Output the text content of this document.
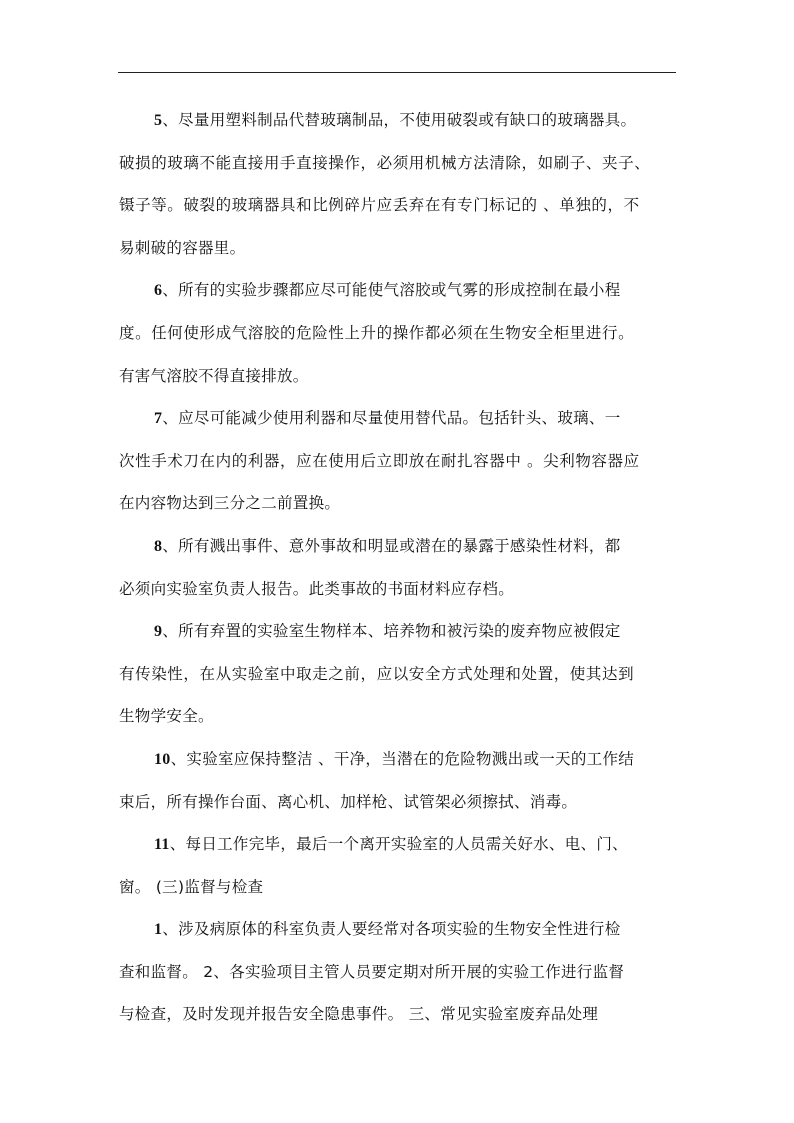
5、尽量用塑料制品代替玻璃制品，不使用破裂或有缺口的玻璃器具。
破损的玻璃不能直接用手直接操作，必须用机械方法清除，如刷子、夹子、
镊子等。破裂的玻璃器具和比例碎片应丢弃在有专门标记的 、单独的，不
易刺破的容器里。
6、所有的实验步骤都应尽可能使气溶胶或气雾的形成控制在最小程
度。任何使形成气溶胶的危险性上升的操作都必须在生物安全柜里进行。
有害气溶胶不得直接排放。
7、应尽可能减少使用利器和尽量使用替代品。包括针头、玻璃、一
次性手术刀在内的利器，应在使用后立即放在耐扎容器中 。尖利物容器应
在内容物达到三分之二前置换。
8、所有溅出事件、意外事故和明显或潜在的暴露于感染性材料，都
必须向实验室负责人报告。此类事故的书面材料应存档。
9、所有弃置的实验室生物样本、培养物和被污染的废弃物应被假定
有传染性，在从实验室中取走之前，应以安全方式处理和处置，使其达到
生物学安全。
10、实验室应保持整洁 、干净，当潜在的危险物溅出或一天的工作结
束后，所有操作台面、离心机、加样枪、试管架必须擦拭、消毒。
11、每日工作完毕，最后一个离开实验室的人员需关好水、电、门、
窗。 (三)监督与检查
1、涉及病原体的科室负责人要经常对各项实验的生物安全性进行检
查和监督。 2、各实验项目主管人员要定期对所开展的实验工作进行监督
与检查，及时发现并报告安全隐患事件。 三、常见实验室废弃品处理
